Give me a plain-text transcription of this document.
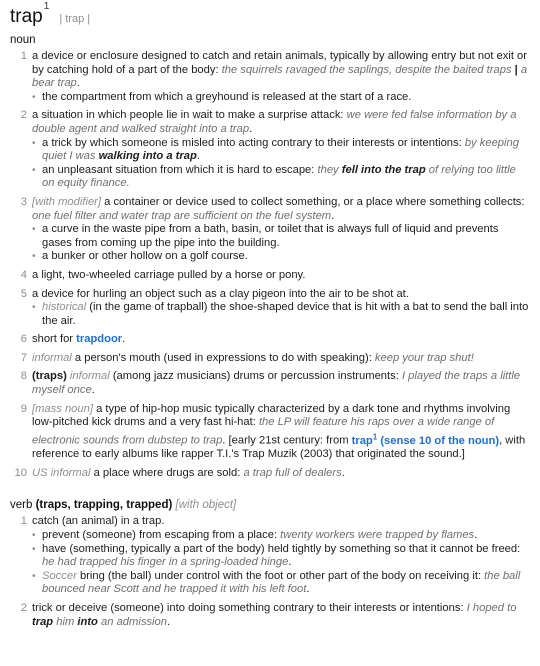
trap$^1$
| trap |
noun
1 a device or enclosure designed to catch and retain animals, typically by allowing entry but not exit or by catching hold of a part of the body: the squirrels ravaged the saplings, despite the baited traps | a bear trap.
• the compartment from which a greyhound is released at the start of a race.
2 a situation in which people lie in wait to make a surprise attack: we were fed false information by a double agent and walked straight into a trap.
• a trick by which someone is misled into acting contrary to their interests or intentions: by keeping quiet I was walking into a trap.
• an unpleasant situation from which it is hard to escape: they fell into the trap of relying too little on equity finance.
3 [with modifier] a container or device used to collect something, or a place where something collects: one fuel filter and water trap are sufficient on the fuel system.
• a curve in the waste pipe from a bath, basin, or toilet that is always full of liquid and prevents gases from coming up the pipe into the building.
• a bunker or other hollow on a golf course.
4 a light, two-wheeled carriage pulled by a horse or pony.
5 a device for hurling an object such as a clay pigeon into the air to be shot at.
• historical (in the game of trapball) the shoe-shaped device that is hit with a bat to send the ball into the air.
6 short for trapdoor.
7 informal a person's mouth (used in expressions to do with speaking): keep your trap shut!
8 (traps) informal (among jazz musicians) drums or percussion instruments: I played the traps a little myself once.
9 [mass noun] a type of hip-hop music typically characterized by a dark tone and rhythms involving low-pitched kick drums and a very fast hi-hat: the LP will feature his raps over a wide range of electronic sounds from dubstep to trap. [early 21st century: from trap$^1$ (sense 10 of the noun), with reference to early albums like rapper T.I.'s Trap Muzik (2003) that originated the sound.]
10 US informal a place where drugs are sold: a trap full of dealers.
verb (traps, trapping, trapped) [with object]
1 catch (an animal) in a trap.
• prevent (someone) from escaping from a place: twenty workers were trapped by flames.
• have (something, typically a part of the body) held tightly by something so that it cannot be freed: he had trapped his finger in a spring-loaded hinge.
• Soccer bring (the ball) under control with the foot or other part of the body on receiving it: the ball bounced near Scott and he trapped it with his left foot.
2 trick or deceive (someone) into doing something contrary to their interests or intentions: I hoped to trap him into an admission.
